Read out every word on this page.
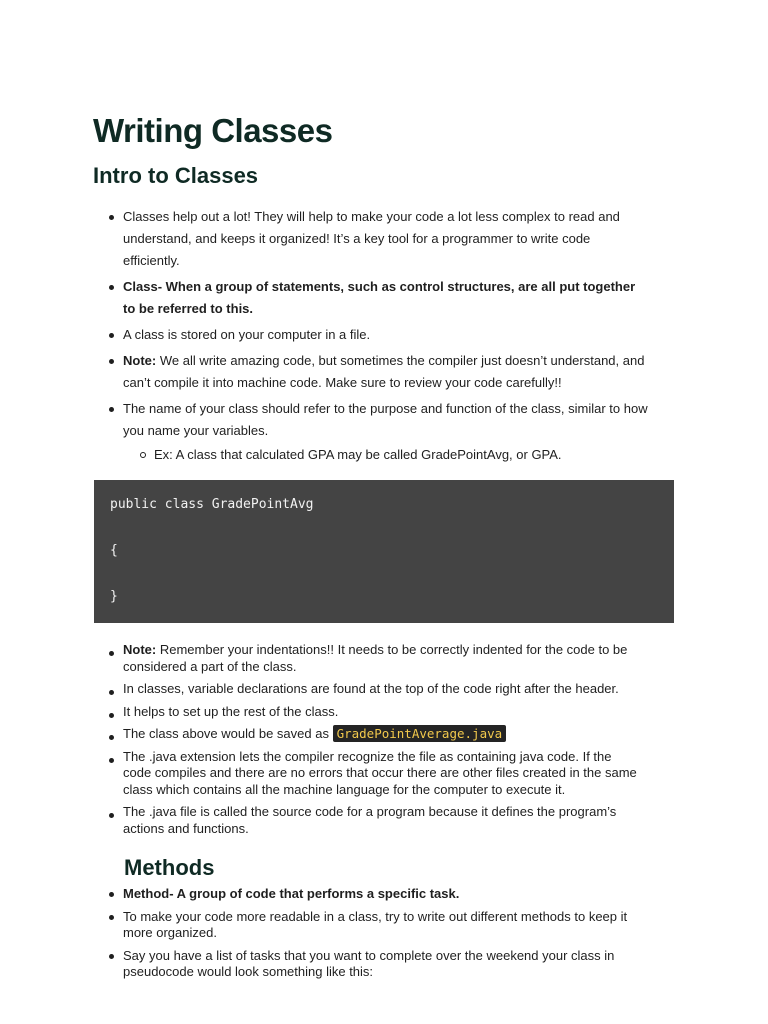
Writing Classes
Intro to Classes
Classes help out a lot! They will help to make your code a lot less complex to read and understand, and keeps it organized! It’s a key tool for a programmer to write code efficiently.
Class- When a group of statements, such as control structures, are all put together to be referred to this.
A class is stored on your computer in a file.
Note: We all write amazing code, but sometimes the compiler just doesn’t understand, and can’t compile it into machine code. Make sure to review your code carefully!!
The name of your class should refer to the purpose and function of the class, similar to how you name your variables.
Ex: A class that calculated GPA may be called GradePointAvg, or GPA.
public class GradePointAvg
{
}
Note: Remember your indentations!! It needs to be correctly indented for the code to be considered a part of the class.
In classes, variable declarations are found at the top of the code right after the header.
It helps to set up the rest of the class.
The class above would be saved as GradePointAverage.java
The .java extension lets the compiler recognize the file as containing java code. If the code compiles and there are no errors that occur there are other files created in the same class which contains all the machine language for the computer to execute it.
The .java file is called the source code for a program because it defines the program’s actions and functions.
Methods
Method- A group of code that performs a specific task.
To make your code more readable in a class, try to write out different methods to keep it more organized.
Say you have a list of tasks that you want to complete over the weekend your class in pseudocode would look something like this:
